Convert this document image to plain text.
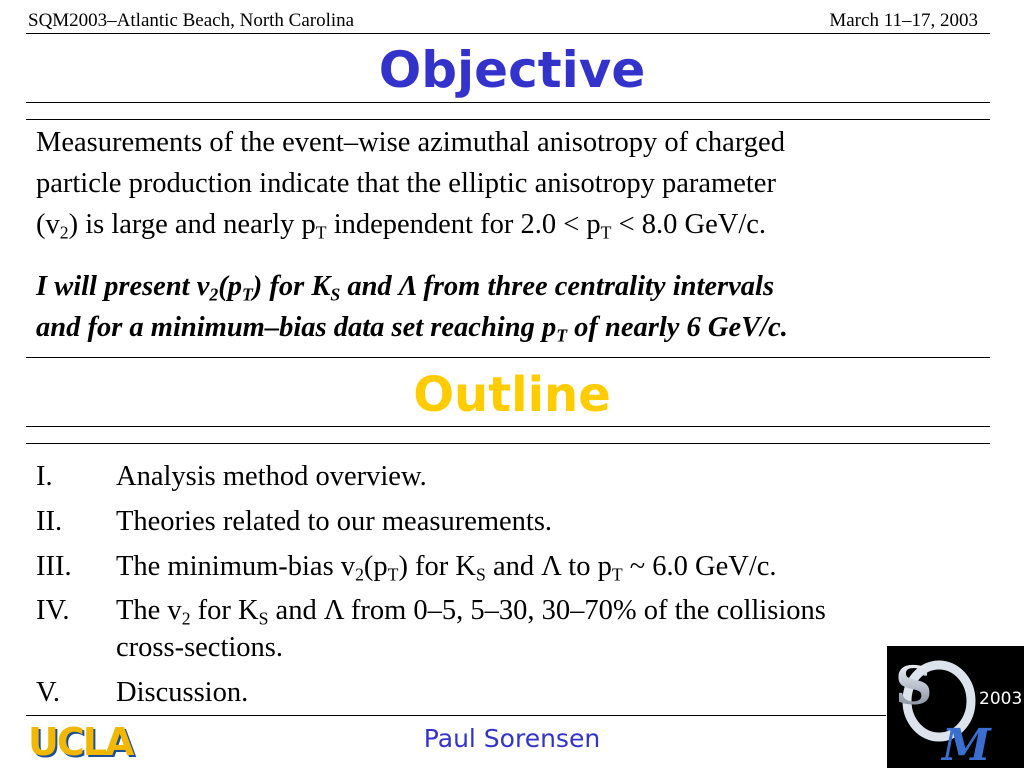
SQM2003–Atlantic Beach, North Carolina	March 11–17, 2003
Objective
Measurements of the event–wise azimuthal anisotropy of charged
particle production indicate that the elliptic anisotropy parameter
$(v_2)$ is large and nearly $p_T$ independent for $2.0 < p_T < 8.0$ GeV/c.
I will present $v_2(p_T)$ for $K_S$ and Λ from three centrality intervals
and for a minimum–bias data set reaching $p_T$ of nearly 6 GeV/c.
Outline
I. Analysis method overview.
II. Theories related to our measurements.
III. The minimum-bias $v_2(p_T)$ for $K_S$ and Λ to $p_T$ ~ 6.0 GeV/c.
IV. The $v_2$ for $K_S$ and Λ from 0–5, 5–30, 30–70% of the collisions
cross-sections.
V. Discussion.
UCLA	Paul Sorensen
S
M
2003
